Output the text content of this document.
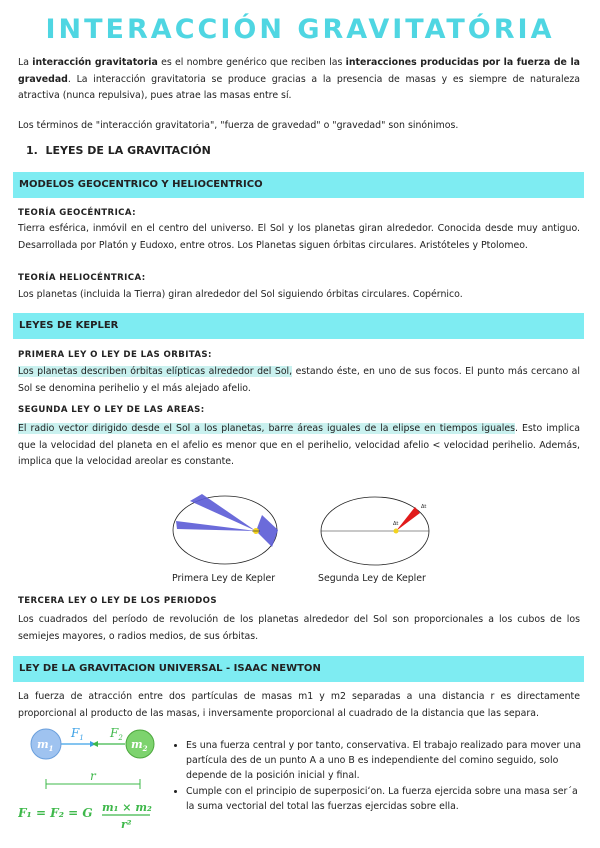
INTERACCIÓN GRAVITATÓRIA
La interacción gravitatoria es el nombre genérico que reciben las interacciones producidas por la fuerza de la gravedad. La interacción gravitatoria se produce gracias a la presencia de masas y es siempre de naturaleza atractiva (nunca repulsiva), pues atrae las masas entre sí.
Los términos de "interacción gravitatoria", "fuerza de gravedad" o "gravedad" son sinónimos.
1. LEYES DE LA GRAVITACIÓN
MODELOS GEOCENTRICO Y HELIOCENTRICO
TEORÍA GEOCÉNTRICA:
Tierra esférica, inmóvil en el centro del universo. El Sol y los planetas giran alrededor. Conocida desde muy antiguo. Desarrollada por Platón y Eudoxo, entre otros. Los Planetas siguen órbitas circulares. Aristóteles y Ptolomeo.
TEORÍA HELIOCÉNTRICA:
Los planetas (incluida la Tierra) giran alrededor del Sol siguiendo órbitas circulares. Copérnico.
LEYES DE KEPLER
PRIMERA LEY O LEY DE LAS ORBITAS:
Los planetas describen órbitas elípticas alrededor del Sol, estando éste, en uno de sus focos. El punto más cercano al Sol se denomina perihelio y el más alejado afelio.
SEGUNDA LEY O LEY DE LAS AREAS:
El radio vector dirigido desde el Sol a los planetas, barre áreas iguales de la elipse en tiempos iguales. Esto implica que la velocidad del planeta en el afelio es menor que en el perihelio, velocidad afelio < velocidad perihelio. Además, implica que la velocidad areolar es constante.
Δt
Δt
Primera Ley de Kepler	Segunda Ley de Kepler
TERCERA LEY O LEY DE LOS PERIODOS
Los cuadrados del período de revolución de los planetas alrededor del Sol son proporcionales a los cubos de los semiejes mayores, o radios medios, de sus órbitas.
LEY DE LA GRAVITACION UNIVERSAL - ISAAC NEWTON
La fuerza de atracción entre dos partículas de masas m1 y m2 separadas a una distancia r es directamente proporcional al producto de las masas, i inversamente proporcional al cuadrado de la distancia que las separa.
$m_1$	$m_2$
$F_1$ $F_2$
r
F₁ = F₂ = G m₁ × m₂
r²
• Es una fuerza central y por tanto, conservativa. El trabajo realizado para mover una partícula des de un punto A a uno B es independiente del comino seguido, solo depende de la posición inicial y final.
• Cumple con el principio de superposiciʻon. La fuerza ejercida sobre una masa ser´a la suma vectorial del total las fuerzas ejercidas sobre ella.
